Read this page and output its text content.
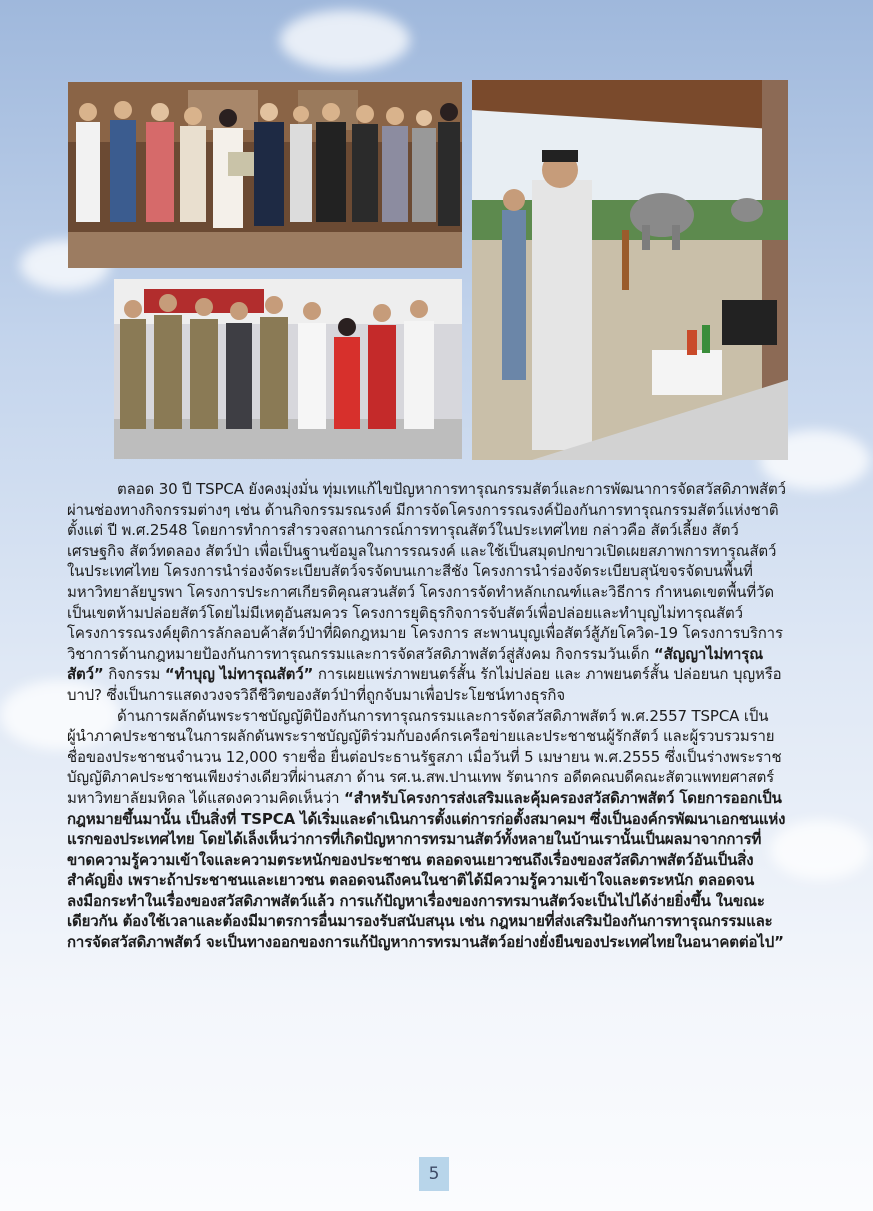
ตลอด 30 ปี TSPCA ยังคงมุ่งมั่น ทุ่มเทแก้ไขปัญหาการทารุณกรรมสัตว์และการพัฒนาการจัดสวัสดิภาพสัตว์ ผ่านช่องทางกิจกรรมต่างๆ เช่น ด้านกิจกรรมรณรงค์ มีการจัดโครงการรณรงค์ป้องกันการทารุณกรรมสัตว์แห่งชาติ ตั้งแต่ ปี พ.ศ.2548 โดยการทำการสำรวจสถานการณ์การทารุณสัตว์ในประเทศไทย กล่าวคือ สัตว์เลี้ยง สัตว์เศรษฐกิจ สัตว์ทดลอง สัตว์ป่า เพื่อเป็นฐานข้อมูลในการรณรงค์ และใช้เป็นสมุดปกขาวเปิดเผยสภาพการทารุณสัตว์ในประเทศไทย โครงการนำร่องจัดระเบียบสัตว์จรจัดบนเกาะสีชัง โครงการนำร่องจัดระเบียบสุนัขจรจัดบนพื้นที่มหาวิทยาลัยบูรพา โครงการประกาศเกียรติคุณสวนสัตว์ โครงการจัดทำหลักเกณฑ์และวิธีการ กำหนดเขตพื้นที่วัดเป็นเขตห้ามปล่อยสัตว์โดยไม่มีเหตุอันสมควร โครงการยุติธุรกิจการจับสัตว์เพื่อปล่อยและทำบุญไม่ทารุณสัตว์ โครงการรณรงค์ยุติการลักลอบค้าสัตว์ป่าที่ผิดกฎหมาย โครงการ สะพานบุญเพื่อสัตว์สู้ภัยโควิด-19 โครงการบริการวิชาการด้านกฎหมายป้องกันการทารุณกรรมและการจัดสวัสดิภาพสัตว์สู่สังคม กิจกรรมวันเด็ก “สัญญาไม่ทารุณสัตว์” กิจกรรม “ทำบุญ ไม่ทารุณสัตว์” การเผยแพร่ภาพยนตร์สั้น รักไม่ปล่อย และ ภาพยนตร์สั้น ปล่อยนก บุญหรือบาป? ซึ่งเป็นการแสดงวงจรวิถีชีวิตของสัตว์ป่าที่ถูกจับมาเพื่อประโยชน์ทางธุรกิจ

ด้านการผลักดันพระราชบัญญัติป้องกันการทารุณกรรมและการจัดสวัสดิภาพสัตว์ พ.ศ.2557 TSPCA เป็นผู้นำภาคประชาชนในการผลักดันพระราชบัญญัติร่วมกับองค์กรเครือข่ายและประชาชนผู้รักสัตว์ และผู้รวบรวมรายชื่อของประชาชนจำนวน 12,000 รายชื่อ ยื่นต่อประธานรัฐสภา เมื่อวันที่ 5 เมษายน พ.ศ.2555 ซึ่งเป็นร่างพระราชบัญญัติภาคประชาชนเพียงร่างเดียวที่ผ่านสภา ด้าน รศ.น.สพ.ปานเทพ รัตนากร อดีตคณบดีคณะสัตวแพทยศาสตร์ มหาวิทยาลัยมหิดล ได้แสดงความคิดเห็นว่า “สำหรับโครงการส่งเสริมและคุ้มครองสวัสดิภาพสัตว์ โดยการออกเป็นกฎหมายขึ้นมานั้น เป็นสิ่งที่ TSPCA ได้เริ่มและดำเนินการตั้งแต่การก่อตั้งสมาคมฯ ซึ่งเป็นองค์กรพัฒนาเอกชนแห่งแรกของประเทศไทย โดยได้เล็งเห็นว่าการที่เกิดปัญหาการทรมานสัตว์ทั้งหลายในบ้านเรานั้นเป็นผลมาจากการที่ขาดความรู้ความเข้าใจและความตระหนักของประชาชน ตลอดจนเยาวชนถึงเรื่องของสวัสดิภาพสัตว์อันเป็นสิ่งสำคัญยิ่ง เพราะถ้าประชาชนและเยาวชน ตลอดจนถึงคนในชาติได้มีความรู้ความเข้าใจและตระหนัก ตลอดจนลงมือกระทำในเรื่องของสวัสดิภาพสัตว์แล้ว การแก้ปัญหาเรื่องของการทรมานสัตว์จะเป็นไปได้ง่ายยิ่งขึ้น ในขณะเดียวกัน ต้องใช้เวลาและต้องมีมาตรการอื่นมารองรับสนับสนุน เช่น กฎหมายที่ส่งเสริมป้องกันการทารุณกรรมและการจัดสวัสดิภาพสัตว์ จะเป็นทางออกของการแก้ปัญหาการทรมานสัตว์อย่างยั่งยืนของประเทศไทยในอนาคตต่อไป”

5
